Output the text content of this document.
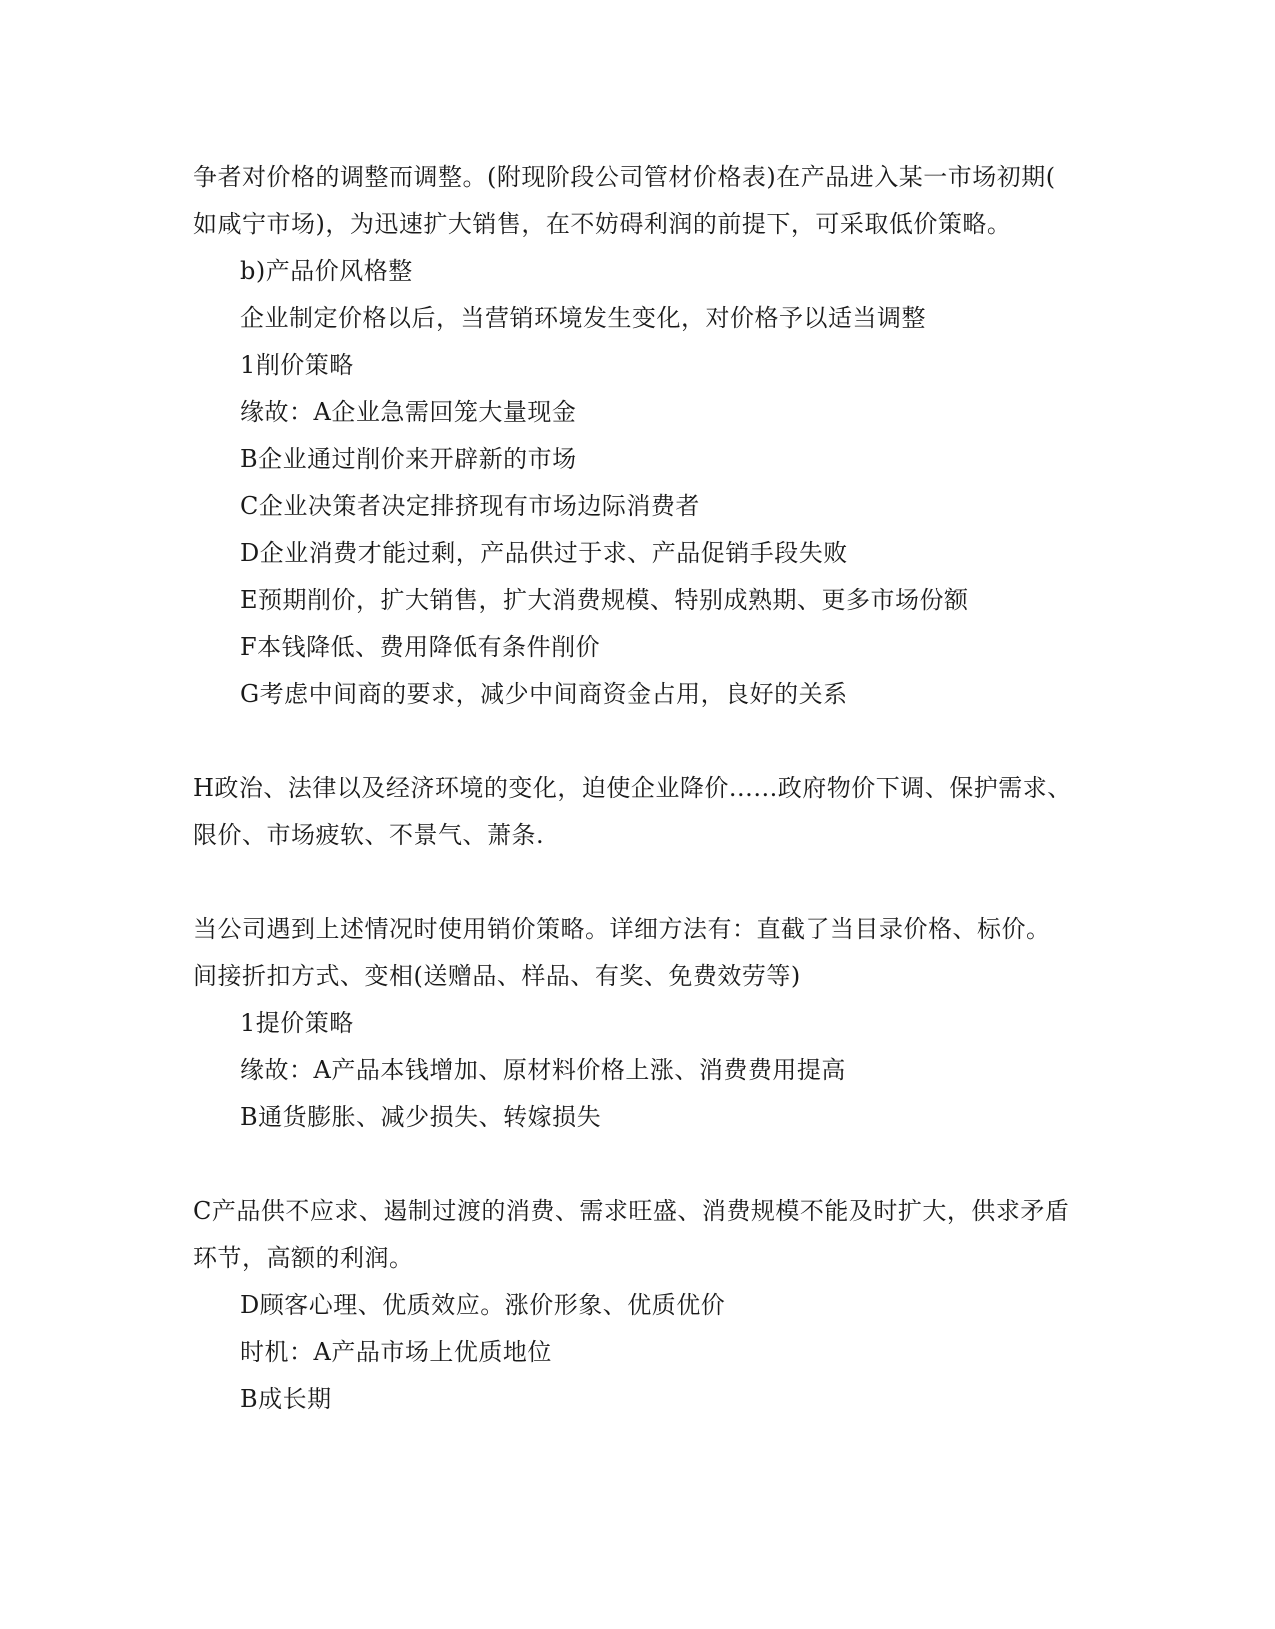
争者对价格的调整而调整。(附现阶段公司管材价格表)在产品进入某一市场初期(
如咸宁市场)，为迅速扩大销售，在不妨碍利润的前提下，可采取低价策略。
b)产品价风格整
企业制定价格以后，当营销环境发生变化，对价格予以适当调整
1削价策略
缘故：A企业急需回笼大量现金
B企业通过削价来开辟新的市场
C企业决策者决定排挤现有市场边际消费者
D企业消费才能过剩，产品供过于求、产品促销手段失败
E预期削价，扩大销售，扩大消费规模、特别成熟期、更多市场份额
F本钱降低、费用降低有条件削价
G考虑中间商的要求，减少中间商资金占用，良好的关系
H政治、法律以及经济环境的变化，迫使企业降价......政府物价下调、保护需求、
限价、市场疲软、不景气、萧条.
当公司遇到上述情况时使用销价策略。详细方法有：直截了当目录价格、标价。
间接折扣方式、变相(送赠品、样品、有奖、免费效劳等)
1提价策略
缘故：A产品本钱增加、原材料价格上涨、消费费用提高
B通货膨胀、减少损失、转嫁损失
C产品供不应求、遏制过渡的消费、需求旺盛、消费规模不能及时扩大，供求矛盾
环节，高额的利润。
D顾客心理、优质效应。涨价形象、优质优价
时机：A产品市场上优质地位
B成长期
